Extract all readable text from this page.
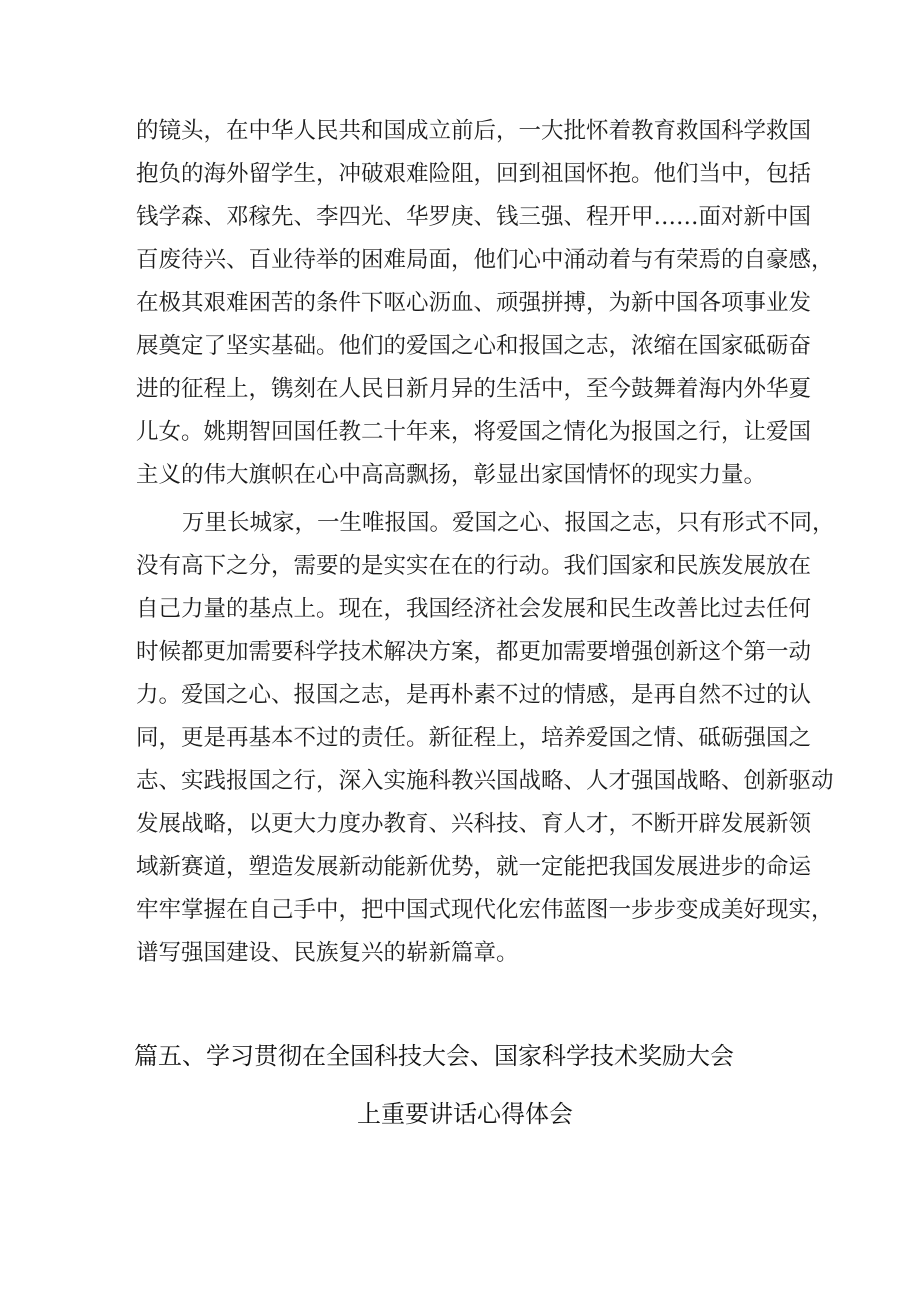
的镜头，在中华人民共和国成立前后，一大批怀着教育救国科学救国
抱负的海外留学生，冲破艰难险阻，回到祖国怀抱。他们当中，包括
钱学森、邓稼先、李四光、华罗庚、钱三强、程开甲……面对新中国
百废待兴、百业待举的困难局面，他们心中涌动着与有荣焉的自豪感，
在极其艰难困苦的条件下呕心沥血、顽强拼搏，为新中国各项事业发
展奠定了坚实基础。他们的爱国之心和报国之志，浓缩在国家砥砺奋
进的征程上，镌刻在人民日新月异的生活中，至今鼓舞着海内外华夏
儿女。姚期智回国任教二十年来，将爱国之情化为报国之行，让爱国
主义的伟大旗帜在心中高高飘扬，彰显出家国情怀的现实力量。
万里长城家，一生唯报国。爱国之心、报国之志，只有形式不同，
没有高下之分，需要的是实实在在的行动。我们国家和民族发展放在
自己力量的基点上。现在，我国经济社会发展和民生改善比过去任何
时候都更加需要科学技术解决方案，都更加需要增强创新这个第一动
力。爱国之心、报国之志，是再朴素不过的情感，是再自然不过的认
同，更是再基本不过的责任。新征程上，培养爱国之情、砥砺强国之
志、实践报国之行，深入实施科教兴国战略、人才强国战略、创新驱动
发展战略，以更大力度办教育、兴科技、育人才，不断开辟发展新领
域新赛道，塑造发展新动能新优势，就一定能把我国发展进步的命运
牢牢掌握在自己手中，把中国式现代化宏伟蓝图一步步变成美好现实，
谱写强国建设、民族复兴的崭新篇章。
篇五、学习贯彻在全国科技大会、国家科学技术奖励大会
上重要讲话心得体会
